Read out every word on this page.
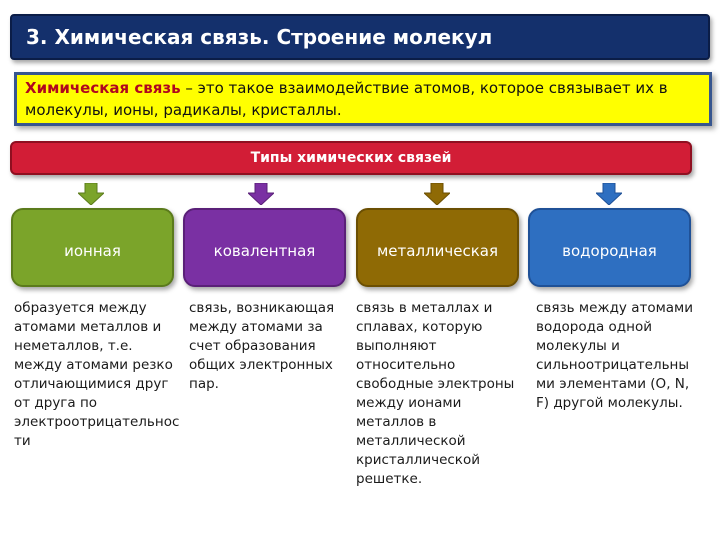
3. Химическая связь. Строение молекул
Химическая связь – это такое взаимодействие атомов, которое связывает их в молекулы, ионы, радикалы, кристаллы.
Типы химических связей
ионная	ковалентная	металлическая	водородная

образуется между атомами металлов и неметаллов, т.е. между атомами резко отличающимися друг от друга по электроотрицательнос ти

связь, возникающая между атомами за счет образования общих электронных пар.

связь в металлах и сплавах, которую выполняют относительно свободные электроны между ионами металлов в металлической кристаллической решетке.

связь между атомами водорода одной молекулы и сильноотрицательны ми элементами (O, N, F) другой молекулы.
